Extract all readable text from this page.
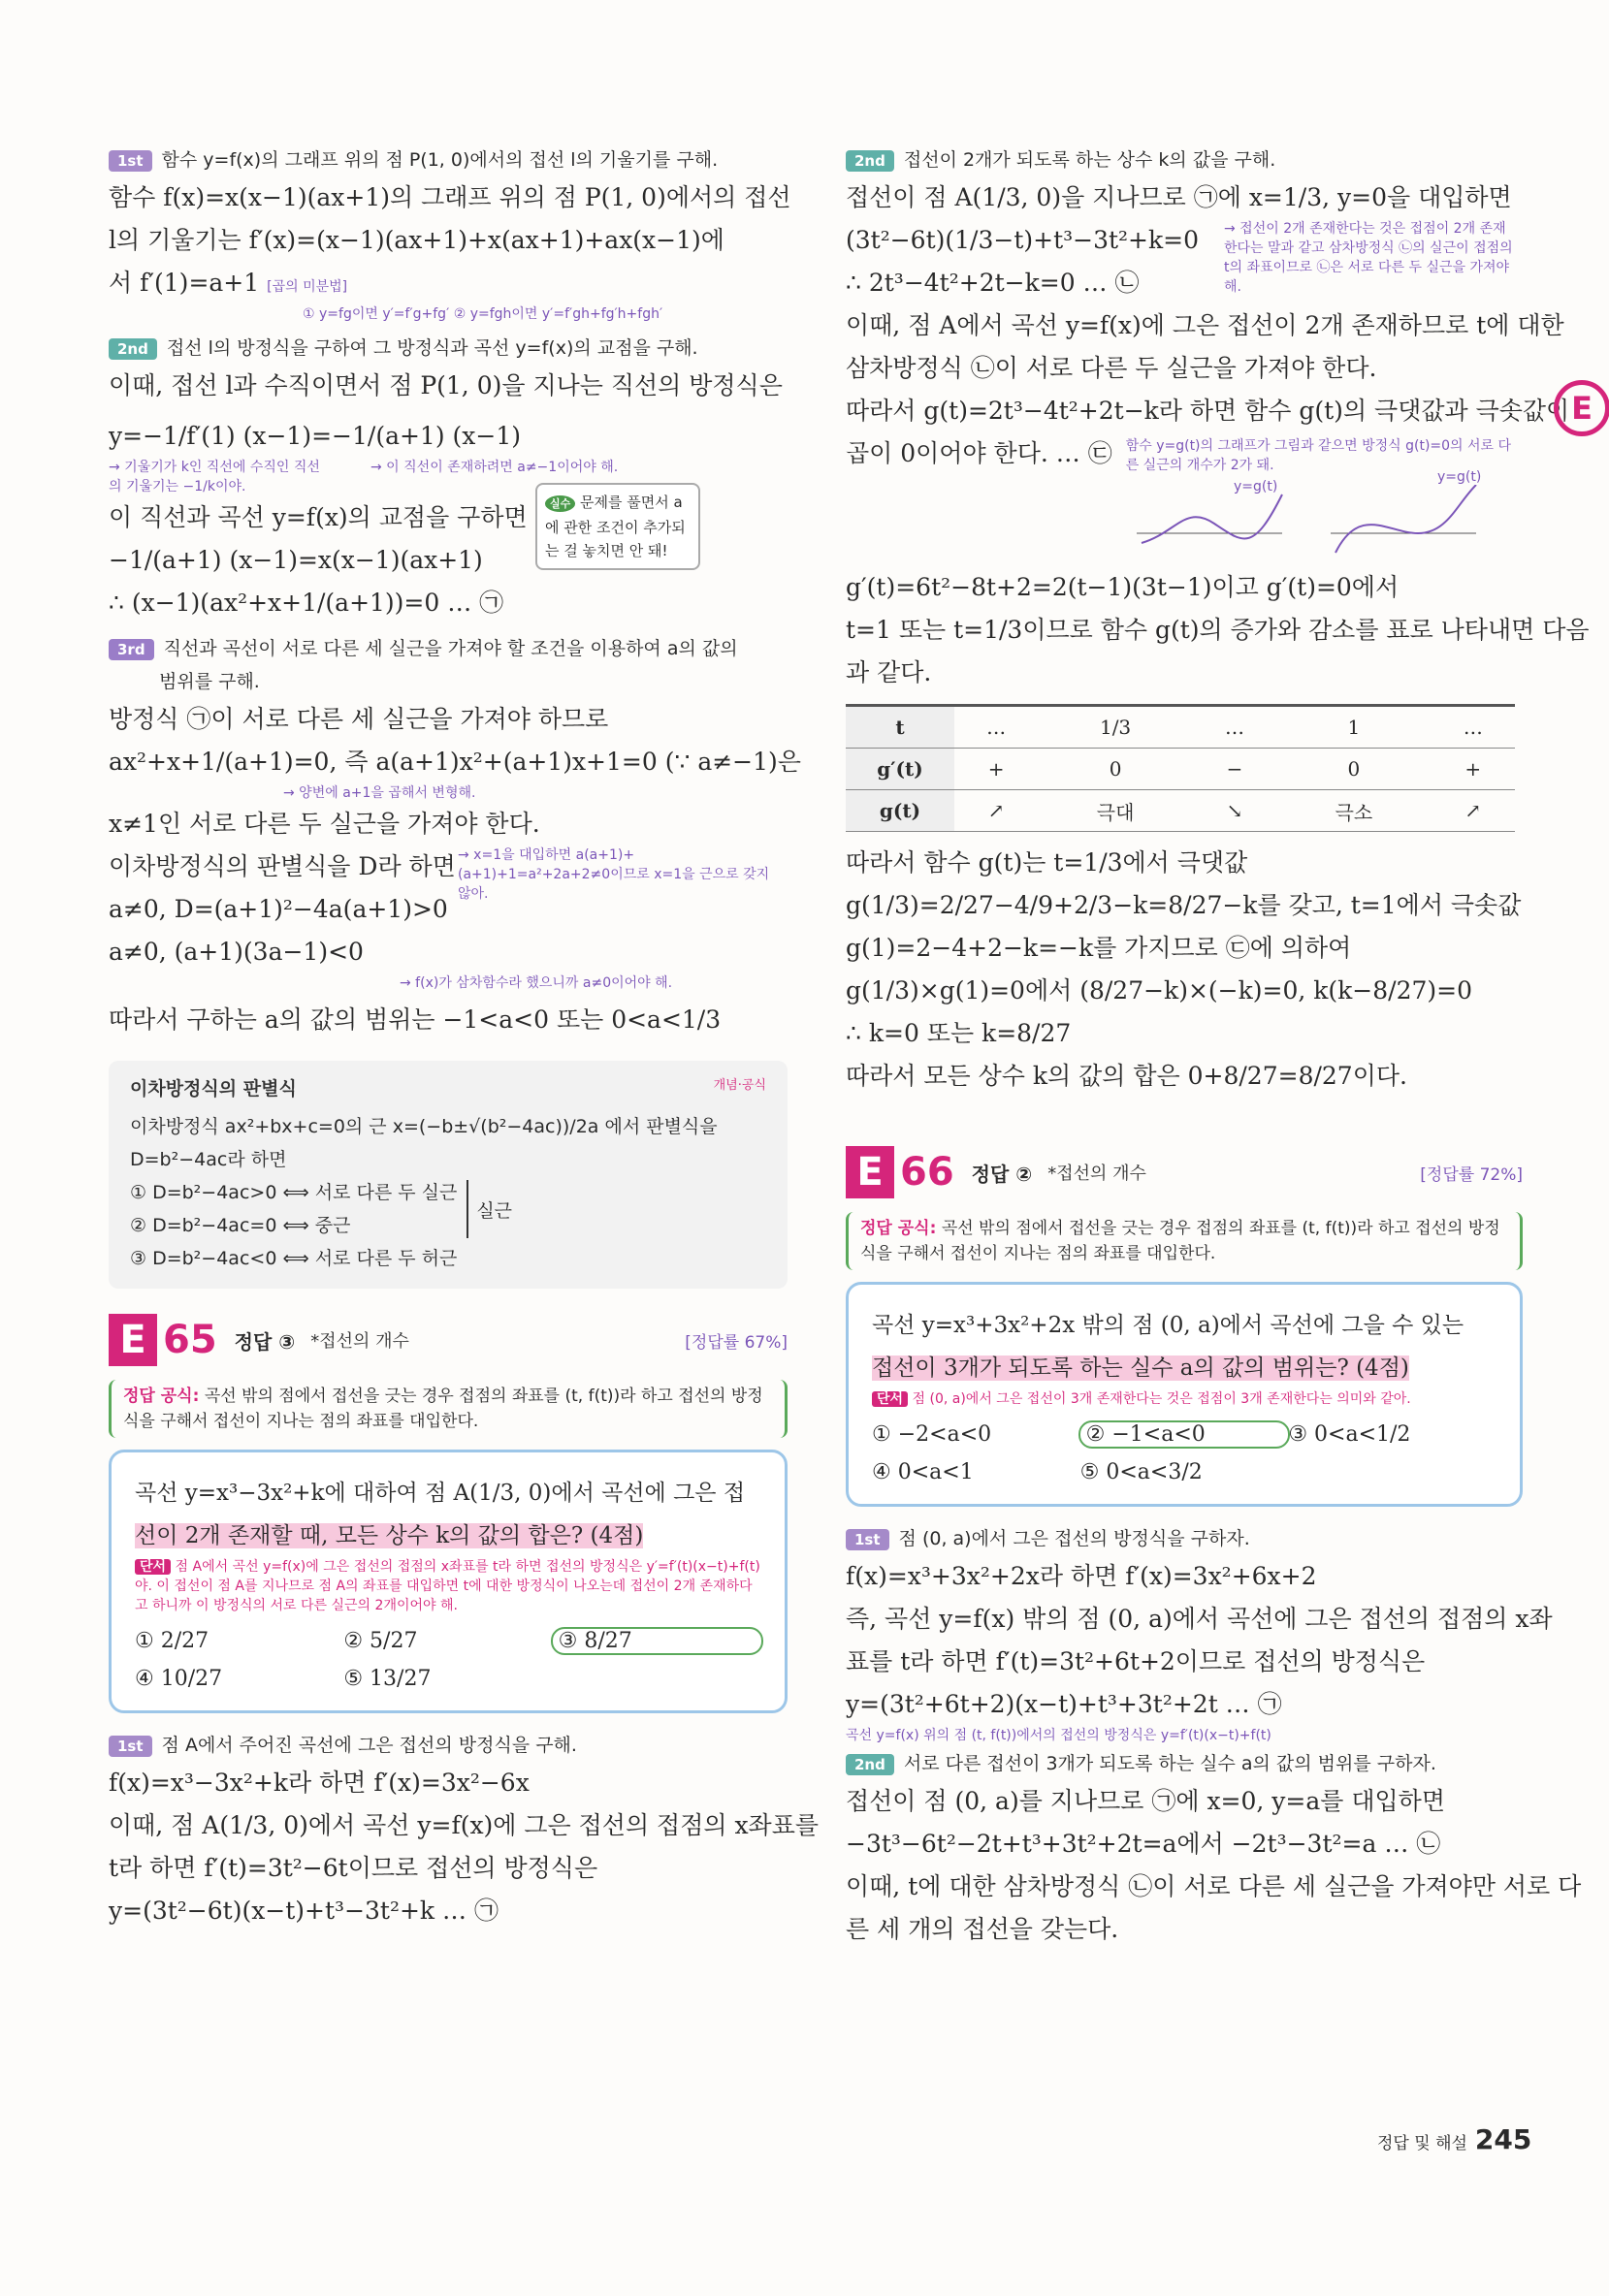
1st 함수 y=f(x)의 그래프 위의 점 P(1, 0)에서의 접선 l의 기울기를 구해.
함수 f(x)=x(x−1)(ax+1)의 그래프 위의 점 P(1, 0)에서의 접선
l의 기울기는 f′(x)=(x−1)(ax+1)+x(ax+1)+ax(x−1)에
서 f′(1)=a+1 [곱의 미분법]
① y=fg이면 y′=f′g+fg′ ② y=fgh이면 y′=f′gh+fg′h+fgh′
2nd 접선 l의 방정식을 구하여 그 방정식과 곡선 y=f(x)의 교점을 구해.
이때, 접선 l과 수직이면서 점 P(1, 0)을 지나는 직선의 방정식은
y=−1/f′(1) (x−1)=−1/(a+1) (x−1)
→ 기울기가 k인 직선에 수직인 직선의 기울기는 −1/k이야.
→ 이 직선이 존재하려면 a≠−1이어야 해.
이 직선과 곡선 y=f(x)의 교점을 구하면	실수 문제를 풀면서 a에 관한 조건이 추가되는 걸 놓치면 안 돼!
−1/(a+1) (x−1)=x(x−1)(ax+1)
∴ (x−1)(ax²+x+1/(a+1))=0 … ㉠
3rd 직선과 곡선이 서로 다른 세 실근을 가져야 할 조건을 이용하여 a의 값의
범위를 구해.
방정식 ㉠이 서로 다른 세 실근을 가져야 하므로
ax²+x+1/(a+1)=0, 즉 a(a+1)x²+(a+1)x+1=0 (∵ a≠−1)은
→ 양변에 a+1을 곱해서 변형해.
x≠1인 서로 다른 두 실근을 가져야 한다.
이차방정식의 판별식을 D라 하면
a≠0, D=(a+1)²−4a(a+1)>0
→ x=1을 대입하면 a(a+1)+(a+1)+1=a²+2a+2≠0이므로 x=1을 근으로 갖지 않아.
a≠0, (a+1)(3a−1)<0
→ f(x)가 삼차함수라 했으니까 a≠0이어야 해.
따라서 구하는 a의 값의 범위는 −1<a<0 또는 0<a<1/3
이차방정식의 판별식	개념·공식
이차방정식 ax²+bx+c=0의 근 x=(−b±√(b²−4ac))/2a 에서 판별식을
D=b²−4ac라 하면
① D=b²−4ac>0 ⟺ 서로 다른 두 실근
② D=b²−4ac=0 ⟺ 중근
③ D=b²−4ac<0 ⟺ 서로 다른 두 허근
실근
E 65 정답 ③ *접선의 개수	[정답률 67%]
정답 공식: 곡선 밖의 점에서 접선을 긋는 경우 접점의 좌표를 (t, f(t))라 하고 접선의 방정식을 구해서 접선이 지나는 점의 좌표를 대입한다.
곡선 y=x³−3x²+k에 대하여 점 A(1/3, 0)에서 곡선에 그은 접
선이 2개 존재할 때, 모든 상수 k의 값의 합은? (4점)
단서 점 A에서 곡선 y=f(x)에 그은 접선의 접점의 x좌표를 t라 하면 접선의 방정식은 y′=f′(t)(x−t)+f(t)야. 이 접선이 점 A를 지나므로 점 A의 좌표를 대입하면 t에 대한 방정식이 나오는데 접선이 2개 존재하다고 하니까 이 방정식의 서로 다른 실근의 2개이어야 해.
① 2/27	② 5/27	③ 8/27
④ 10/27	⑤ 13/27
1st 점 A에서 주어진 곡선에 그은 접선의 방정식을 구해.
f(x)=x³−3x²+k라 하면 f′(x)=3x²−6x
이때, 점 A(1/3, 0)에서 곡선 y=f(x)에 그은 접선의 접점의 x좌표를
t라 하면 f′(t)=3t²−6t이므로 접선의 방정식은
y=(3t²−6t)(x−t)+t³−3t²+k … ㉠
2nd 접선이 2개가 되도록 하는 상수 k의 값을 구해.
접선이 점 A(1/3, 0)을 지나므로 ㉠에 x=1/3, y=0을 대입하면
(3t²−6t)(1/3−t)+t³−3t²+k=0
∴ 2t³−4t²+2t−k=0 … ㉡
→ 접선이 2개 존재한다는 것은 접점이 2개 존재한다는 말과 같고 삼차방정식 ㉡의 실근이 접점의 t의 좌표이므로 ㉡은 서로 다른 두 실근을 가져야 해.
이때, 점 A에서 곡선 y=f(x)에 그은 접선이 2개 존재하므로 t에 대한
삼차방정식 ㉡이 서로 다른 두 실근을 가져야 한다.
따라서 g(t)=2t³−4t²+2t−k라 하면 함수 g(t)의 극댓값과 극솟값이
곱이 0이어야 한다. … ㉢ 함수 y=g(t)의 그래프가 그림과 같으면 방정식 g(t)=0의 서로 다른 실근의 개수가 2가 돼.
y=g(t)
y=g(t)
g′(t)=6t²−8t+2=2(t−1)(3t−1)이고 g′(t)=0에서
t=1 또는 t=1/3이므로 함수 g(t)의 증가와 감소를 표로 나타내면 다음
과 같다.
t	…	1/3	…	1	…
g′(t)	+	0	−	0	+
g(t)	↗	극대	↘	극소	↗
따라서 함수 g(t)는 t=1/3에서 극댓값
g(1/3)=2/27−4/9+2/3−k=8/27−k를 갖고, t=1에서 극솟값
g(1)=2−4+2−k=−k를 가지므로 ㉢에 의하여
g(1/3)×g(1)=0에서 (8/27−k)×(−k)=0, k(k−8/27)=0
∴ k=0 또는 k=8/27
따라서 모든 상수 k의 값의 합은 0+8/27=8/27이다.
E 66 정답 ② *접선의 개수	[정답률 72%]
정답 공식: 곡선 밖의 점에서 접선을 긋는 경우 접점의 좌표를 (t, f(t))라 하고 접선의 방정식을 구해서 접선이 지나는 점의 좌표를 대입한다.
곡선 y=x³+3x²+2x 밖의 점 (0, a)에서 곡선에 그을 수 있는
접선이 3개가 되도록 하는 실수 a의 값의 범위는? (4점)
단서 점 (0, a)에서 그은 접선이 3개 존재한다는 것은 접점이 3개 존재한다는 의미와 같아.
① −2<a<0	② −1<a<0	③ 0<a<1/2
④ 0<a<1	⑤ 0<a<3/2
1st 점 (0, a)에서 그은 접선의 방정식을 구하자.
f(x)=x³+3x²+2x라 하면 f′(x)=3x²+6x+2
즉, 곡선 y=f(x) 밖의 점 (0, a)에서 곡선에 그은 접선의 접점의 x좌
표를 t라 하면 f′(t)=3t²+6t+2이므로 접선의 방정식은
y=(3t²+6t+2)(x−t)+t³+3t²+2t … ㉠
곡선 y=f(x) 위의 점 (t, f(t))에서의 접선의 방정식은 y=f′(t)(x−t)+f(t)
2nd 서로 다른 접선이 3개가 되도록 하는 실수 a의 값의 범위를 구하자.
접선이 점 (0, a)를 지나므로 ㉠에 x=0, y=a를 대입하면
−3t³−6t²−2t+t³+3t²+2t=a에서 −2t³−3t²=a … ㉡
이때, t에 대한 삼차방정식 ㉡이 서로 다른 세 실근을 가져야만 서로 다
른 세 개의 접선을 갖는다.
E
정답 및 해설 245
